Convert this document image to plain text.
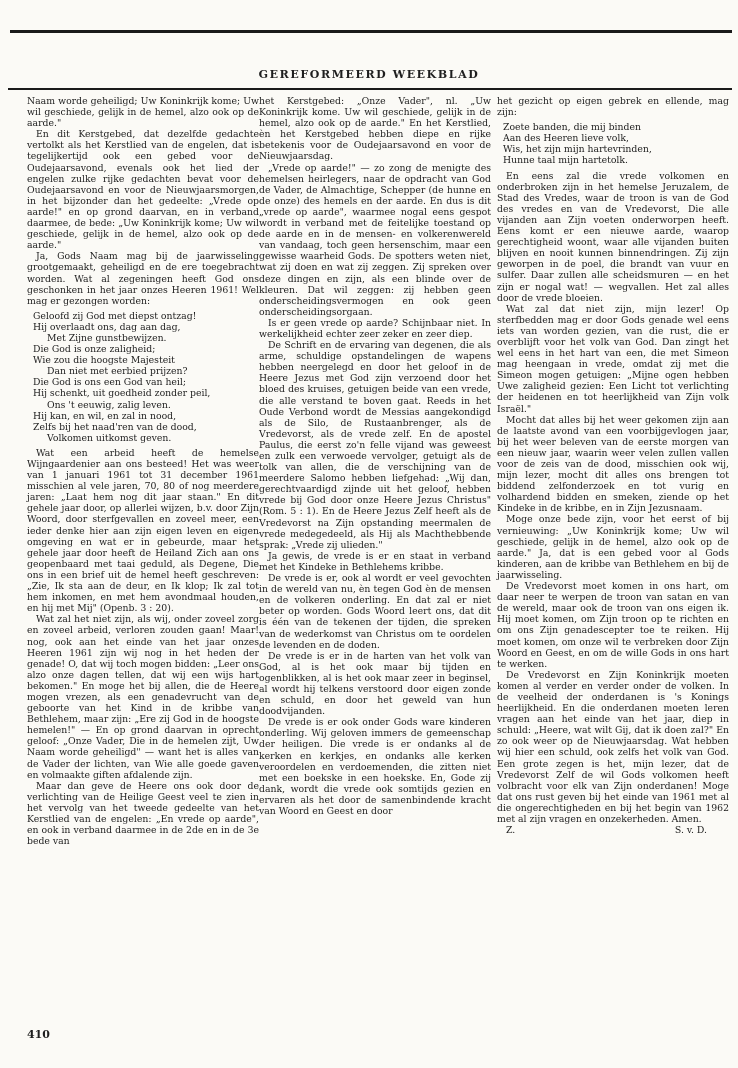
GEREFORMEERD WEEKBLAD

Naam worde geheiligd; Uw Koninkrijk kome; Uw wil geschiede, gelijk in de hemel, alzo ook op de aarde."

En dit Kerstgebed, dat dezelfde gedachte vertolkt als het Kerstlied van de engelen, dat is tegelijkertijd ook een gebed voor de Oudejaarsavond, evenals ook het lied der engelen zulke rijke gedachten bevat voor de Oudejaarsavond en voor de Nieuwjaarsmorgen, in het bijzonder dan het gedeelte: „Vrede op aarde!" en op grond daarvan, en in verband daarmee, de bede: „Uw Koninkrijk kome; Uw wil geschiede, gelijk in de hemel, alzo ook op de aarde."

Ja, Gods Naam mag bij de jaarwisseling grootgemaakt, geheiligd en de ere toegebracht worden. Wat al zegeningen heeft God ons geschonken in het jaar onzes Heeren 1961! Wel mag er gezongen worden:

Geloofd zij God met diepst ontzag!
Hij overlaadt ons, dag aan dag,
Met Zijne gunstbewijzen.
Die God is onze zaligheid;
Wie zou die hoogste Majesteit
Dan niet met eerbied prijzen?
Die God is ons een God van heil;
Hij schenkt, uit goedheid zonder peil,
Ons 't eeuwig, zalig leven.
Hij kan, en wil, en zal in nood,
Zelfs bij het naad'ren van de dood,
Volkomen uitkomst geven.

Wat een arbeid heeft de hemelse Wijngaardenier aan ons besteed! Het was weer van 1 januari 1961 tot 31 december 1961 misschien al vele jaren, 70, 80 of nog meerdere jaren: „Laat hem nog dit jaar staan." En dit gehele jaar door, op allerlei wijzen, b.v. door Zijn Woord, door sterfgevallen en zoveel meer, een ieder denke hier aan zijn eigen leven en eigen omgeving en wat er in gebeurde, maar het gehele jaar door heeft de Heiland Zich aan ons geopenbaard met taai geduld, als Degene, Die ons in een brief uit de hemel heeft geschreven: „Zie, Ik sta aan de deur, en Ik klop; Ik zal tot hem inkomen, en met hem avondmaal houden, en hij met Mij" (Openb. 3 : 20).

Wat zal het niet zijn, als wij, onder zoveel zorg en zoveel arbeid, verloren zouden gaan! Maar! nog, ook aan het einde van het jaar onzes Heeren 1961 zijn wij nog in het heden der genade! O, dat wij toch mogen bidden: „Leer ons alzo onze dagen tellen, dat wij een wijs hart bekomen." En moge het bij allen, die de Heere mogen vrezen, als een genadevrucht van de geboorte van het Kind in de kribbe van Bethlehem, maar zijn: „Ere zij God in de hoogste hemelen!" — En op grond daarvan in oprecht geloof: „Onze Vader, Die in de hemelen zijt, Uw Naam worde geheiligd" — want het is alles van de Vader der lichten, van Wie alle goede gaven en volmaakte giften afdalende zijn.

Maar dan geve de Heere ons ook door de verlichting van de Heilige Geest veel te zien in het vervolg van het tweede gedeelte van het Kerstlied van de engelen: „En vrede op aarde", en ook in verband daarmee in de 2de en in de 3e bede van

het Kerstgebed: „Onze Vader", nl. „Uw Koninkrijk kome. Uw wil geschiede, gelijk in de hemel, alzo ook op de aarde." En het Kerstlied, èn het Kerstgebed hebben diepe en rijke betekenis voor de Oudejaarsavond en voor de Nieuwjaarsdag.

„Vrede op aarde!" — zo zong de menigte des hemelsen heirlegers, naar de opdracht van God de Vader, de Almachtige, Schepper (de hunne en de onze) des hemels en der aarde. En dus is dit „vrede op aarde", waarmee nogal eens gespot wordt in verband met de feitelijke toestand op de aarde en in de mensen- en volkerenwereld van vandaag, toch geen hersenschim, maar een gewisse waarheid Gods. De spotters weten niet, wat zij doen en wat zij zeggen. Zij spreken over deze dingen en zijn, als een blinde over de kleuren. Dat wil zeggen: zij hebben geen onderscheidingsvermogen en ook geen onderscheidingsorgaan.

Is er geen vrede op aarde? Schijnbaar niet. In werkelijkheid echter zeer zeker en zeer diep.

De Schrift en de ervaring van degenen, die als arme, schuldige opstandelingen de wapens hebben neergelegd en door het geloof in de Heere Jezus met God zijn verzoend door het bloed des kruises, getuigen beide van een vrede, die alle verstand te boven gaat. Reeds in het Oude Verbond wordt de Messias aangekondigd als de Silo, de Rustaanbrenger, als de Vredevorst, als de vrede zelf. En de apostel Paulus, die eerst zo'n felle vijand was geweest en zulk een verwoede vervolger, getuigt als de tolk van allen, die de verschijning van de meerdere Salomo hebben liefgehad: „Wij dan, gerechtvaardigd zijnde uit het geloof, hebben vrede bij God door onze Heere Jezus Christus" (Rom. 5 : 1). En de Heere Jezus Zelf heeft als de Vredevorst na Zijn opstanding meermalen de vrede medegedeeld, als Hij als Machthebbende sprak: „Vrede zij ulieden."

Ja gewis, de vrede is er en staat in verband met het Kindeke in Bethlehems kribbe.

De vrede is er, ook al wordt er veel gevochten in de wereld van nu, èn tegen God èn de mensen en de volkeren onderling. En dat zal er niet beter op worden. Gods Woord leert ons, dat dit is één van de tekenen der tijden, die spreken van de wederkomst van Christus om te oordelen de levenden en de doden.

De vrede is er in de harten van het volk van God, al is het ook maar bij tijden en ogenblikken, al is het ook maar zeer in beginsel, al wordt hij telkens verstoord door eigen zonde en schuld, en door het geweld van hun doodvijanden.

De vrede is er ook onder Gods ware kinderen onderling. Wij geloven immers de gemeenschap der heiligen. Die vrede is er ondanks al de kerken en kerkjes, en ondanks alle kerken veroordelen en verdoemenden, die zitten niet met een boekske in een hoekske. En, Gode zij dank, wordt die vrede ook somtijds gezien en ervaren als het door de samenbindende kracht van Woord en Geest en door

het gezicht op eigen gebrek en ellende, mag zijn:

Zoete banden, die mij binden
Aan des Heeren lieve volk,
Wis, het zijn mijn hartevrinden,
Hunne taal mijn hartetolk.

En eens zal die vrede volkomen en onderbroken zijn in het hemelse Jeruzalem, de Stad des Vredes, waar de troon is van de God des vredes en van de Vredevorst, Die alle vijanden aan Zijn voeten onderworpen heeft. Eens komt er een nieuwe aarde, waarop gerechtigheid woont, waar alle vijanden buiten blijven en nooit kunnen binnendringen. Zij zijn geworpen in de poel, die brandt van vuur en sulfer. Daar zullen alle scheidsmuren — en het zijn er nogal wat! — wegvallen. Het zal alles door de vrede bloeien.

Wat zal dat niet zijn, mijn lezer! Op sterfbedden mag er door Gods genade wel eens iets van worden gezien, van die rust, die er overblijft voor het volk van God. Dan zingt het wel eens in het hart van een, die met Simeon mag heengaan in vrede, omdat zij met die Simeon mogen getuigen: „Mijne ogen hebben Uwe zaligheid gezien: Een Licht tot verlichting der heidenen en tot heerlijkheid van Zijn volk Israël."

Mocht dat alles bij het weer gekomen zijn aan de laatste avond van een voorbijgevlogen jaar, bij het weer beleven van de eerste morgen van een nieuw jaar, waarin weer velen zullen vallen voor de zeis van de dood, misschien ook wij, mijn lezer, mocht dit alles ons brengen tot biddend zelfonderzoek en tot vurig en volhardend bidden en smeken, ziende op het Kindeke in de kribbe, en in Zijn Jezusnaam.

Moge onze bede zijn, voor het eerst of bij vernieuwing: „Uw Koninkrijk kome; Uw wil geschiede, gelijk in de hemel, alzo ook op de aarde." Ja, dat is een gebed voor al Gods kinderen, aan de kribbe van Bethlehem en bij de jaarwisseling.

De Vredevorst moet komen in ons hart, om daar neer te werpen de troon van satan en van de wereld, maar ook de troon van ons eigen ik. Hij moet komen, om Zijn troon op te richten en om ons Zijn genadescepter toe te reiken. Hij moet komen, om onze wil te verbreken door Zijn Woord en Geest, en om de wille Gods in ons hart te werken.

De Vredevorst en Zijn Koninkrijk moeten komen al verder en verder onder de volken. In de veelheid der onderdanen is 's Konings heerlijkheid. En die onderdanen moeten leren vragen aan het einde van het jaar, diep in schuld: „Heere, wat wilt Gij, dat ik doen zal?" En zo ook weer op de Nieuwjaarsdag. Wat hebben wij hier een schuld, ook zelfs het volk van God. Een grote zegen is het, mijn lezer, dat de Vredevorst Zelf de wil Gods volkomen heeft volbracht voor elk van Zijn onderdanen! Moge dat ons rust geven bij het einde van 1961 met al die ongerechtigheden en bij het begin van 1962 met al zijn vragen en onzekerheden. Amen.

Z.	S. v. D.

410
